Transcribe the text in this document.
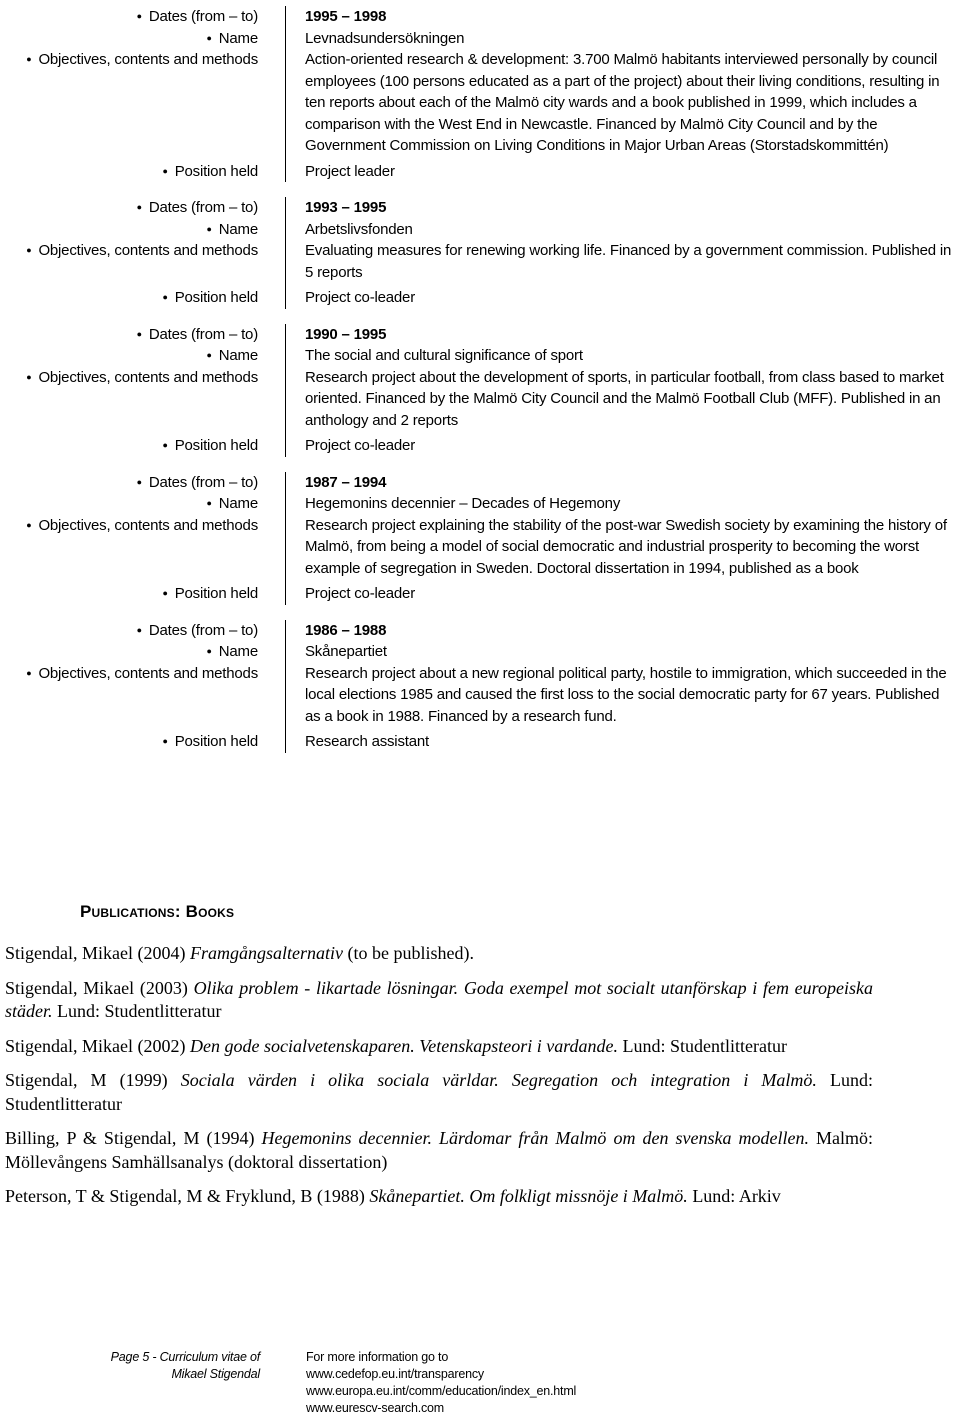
● Dates (from – to)	1995 – 1998
● Name	Levnadsundersökningen
● Objectives, contents and methods	Action-oriented research & development: 3.700 Malmö habitants interviewed personally by council employees (100 persons educated as a part of the project) about their living conditions, resulting in ten reports about each of the Malmö city wards and a book published in 1999, which includes a comparison with the West End in Newcastle. Financed by Malmö City Council and by the Government Commission on Living Conditions in Major Urban Areas (Storstadskommittén)
● Position held	Project leader
● Dates (from – to)	1993 – 1995
● Name	Arbetslivsfonden
● Objectives, contents and methods	Evaluating measures for renewing working life. Financed by a government commission. Published in 5 reports
● Position held	Project co-leader
● Dates (from – to)	1990 – 1995
● Name	The social and cultural significance of sport
● Objectives, contents and methods	Research project about the development of sports, in particular football, from class based to market oriented. Financed by the Malmö City Council and the Malmö Football Club (MFF). Published in an anthology and 2 reports
● Position held	Project co-leader
● Dates (from – to)	1987 – 1994
● Name	Hegemonins decennier – Decades of Hegemony
● Objectives, contents and methods	Research project explaining the stability of the post-war Swedish society by examining the history of Malmö, from being a model of social democratic and industrial prosperity to becoming the worst example of segregation in Sweden. Doctoral dissertation in 1994, published as a book
● Position held	Project co-leader
● Dates (from – to)	1986 – 1988
● Name	Skånepartiet
● Objectives, contents and methods	Research project about a new regional political party, hostile to immigration, which succeeded in the local elections 1985 and caused the first loss to the social democratic party for 67 years. Published as a book in 1988. Financed by a research fund.
● Position held	Research assistant
Publications: Books
Stigendal, Mikael (2004) Framgångsalternativ (to be published).
Stigendal, Mikael (2003) Olika problem - likartade lösningar. Goda exempel mot socialt utanförskap i fem europeiska städer. Lund: Studentlitteratur
Stigendal, Mikael (2002) Den gode socialvetenskaparen. Vetenskapsteori i vardande. Lund: Studentlitteratur
Stigendal, M (1999) Sociala värden i olika sociala världar. Segregation och integration i Malmö. Lund: Studentlitteratur
Billing, P & Stigendal, M (1994) Hegemonins decennier. Lärdomar från Malmö om den svenska modellen. Malmö: Möllevångens Samhällsanalys (doktoral dissertation)
Peterson, T & Stigendal, M & Fryklund, B (1988) Skånepartiet. Om folkligt missnöje i Malmö. Lund: Arkiv
Page 5 - Curriculum vitae of
Mikael Stigendal
For more information go to
www.cedefop.eu.int/transparency
www.europa.eu.int/comm/education/index_en.html
www.eurescv-search.com
